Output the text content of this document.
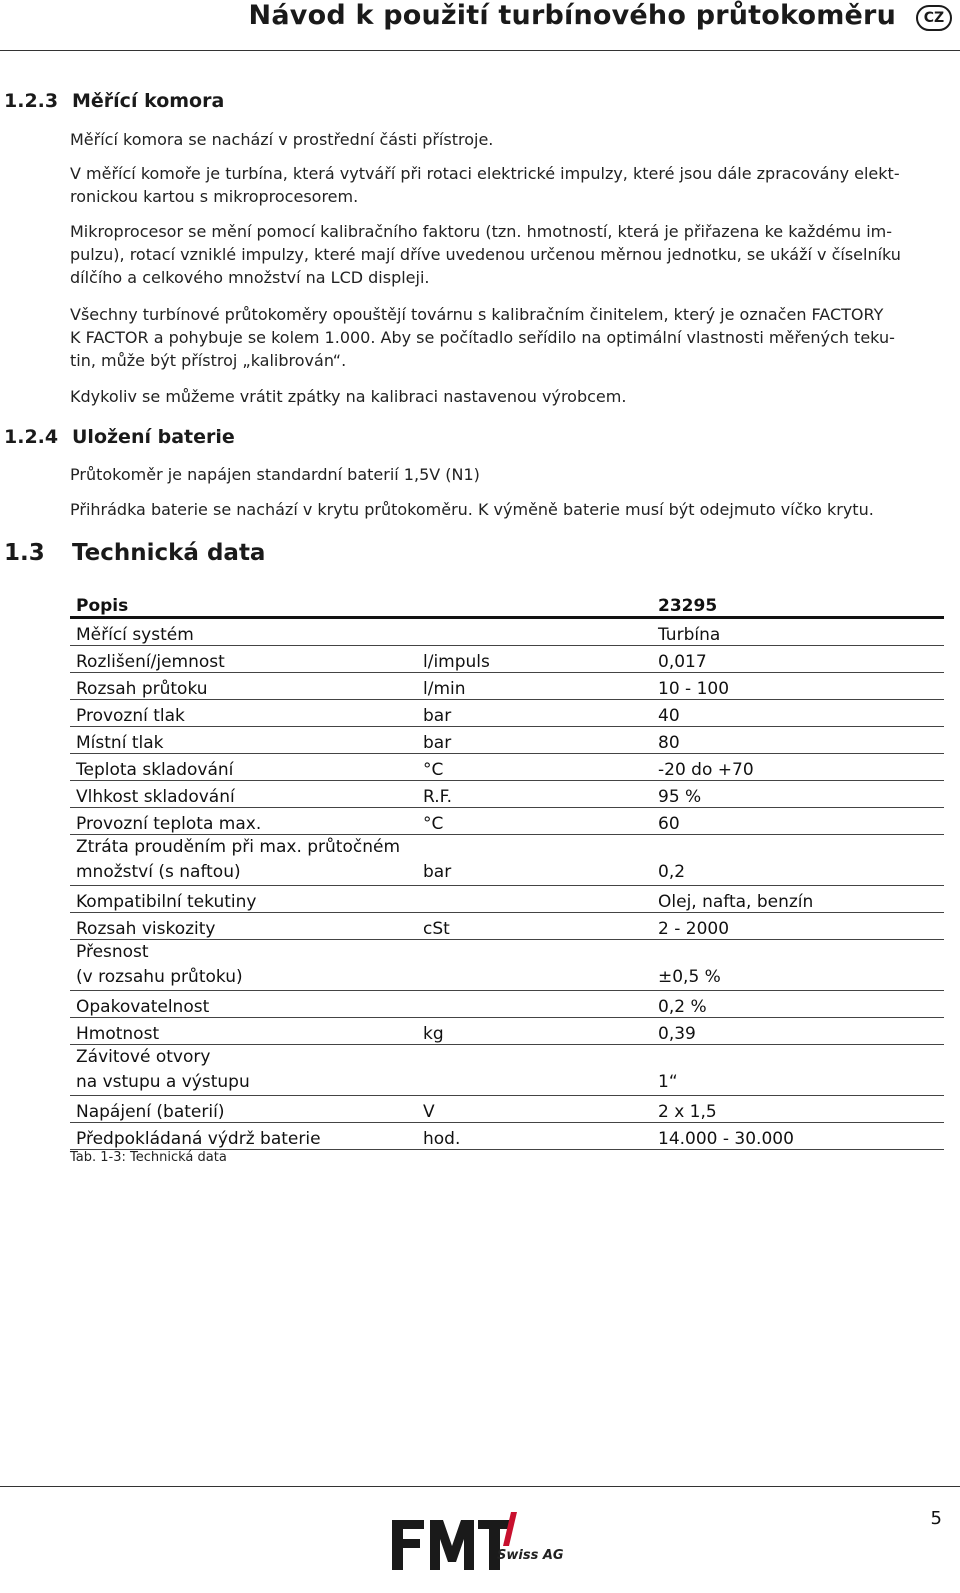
Návod k použití turbínového průtokoměru	CZ
1.2.3 Měřící komora
Měřící komora se nachází v prostřední části přístroje.
V měřící komoře je turbína, která vytváří při rotaci elektrické impulzy, které jsou dále zpracovány elekt-
ronickou kartou s mikroprocesorem.
Mikroprocesor se mění pomocí kalibračního faktoru (tzn. hmotností, která je přiřazena ke každému im-
pulzu), rotací vzniklé impulzy, které mají dříve uvedenou určenou měrnou jednotku, se ukáží v číselníku
dílčího a celkového množství na LCD displeji.
Všechny turbínové průtokoměry opouštějí továrnu s kalibračním činitelem, který je označen FACTORY
K FACTOR a pohybuje se kolem 1.000. Aby se počítadlo seřídilo na optimální vlastnosti měřených teku-
tin, může být přístroj „kalibrován“.
Kdykoliv se můžeme vrátit zpátky na kalibraci nastavenou výrobcem.
1.2.4 Uložení baterie
Průtokoměr je napájen standardní baterií 1,5V (N1)
Přihrádka baterie se nachází v krytu průtokoměru. K výměně baterie musí být odejmuto víčko krytu.
1.3 Technická data
Popis		23295
Měřící systém		Turbína
Rozlišení/jemnost	l/impuls	0,017
Rozsah průtoku	l/min	10 - 100
Provozní tlak	bar	40
Místní tlak	bar	80
Teplota skladování	°C	-20 do +70
Vlhkost skladování	R.F.	95 %
Provozní teplota max.	°C	60

Ztráta prouděním při max. průtočném
množství (s naftou)	bar	0,2
Kompatibilní tekutiny		Olej, nafta, benzín
Rozsah viskozity	cSt	2 - 2000

Přesnost
(v rozsahu průtoku)		±0,5 %
Opakovatelnost		0,2 %
Hmotnost	kg	0,39

Závitové otvory
na vstupu a výstupu		1“
Napájení (baterií)	V	2 x 1,5
Předpokládaná výdrž baterie	hod.	14.000 - 30.000
Tab. 1-3: Technická data
5
Swiss AG
